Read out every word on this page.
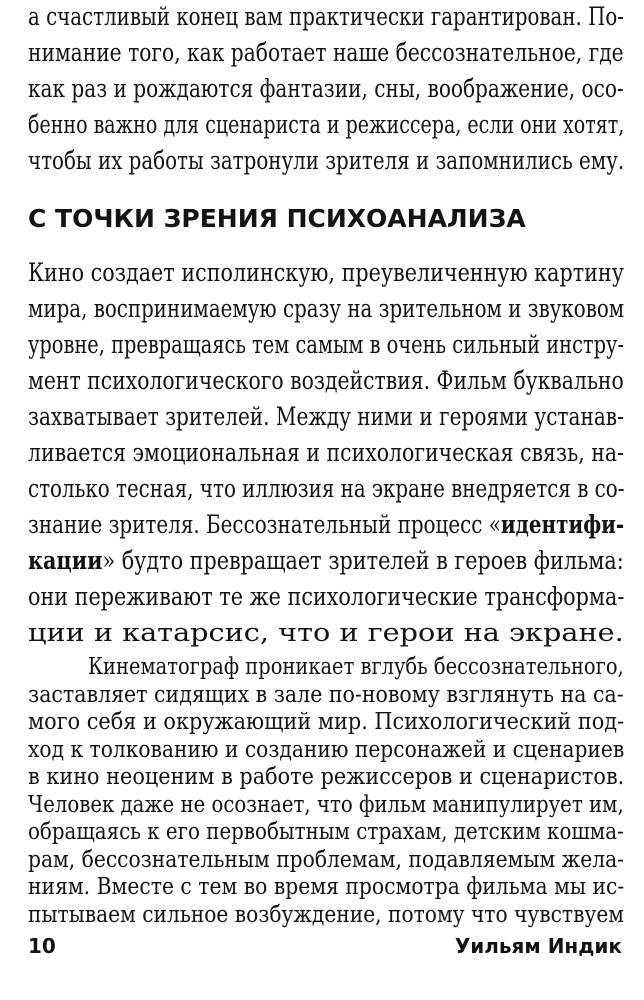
а счастливый конец вам практически гарантирован. По-
нимание того, как работает наше бессознательное, где
как раз и рождаются фантазии, сны, воображение, осо-
бенно важно для сценариста и режиссера, если они хотят,
чтобы их работы затронули зрителя и запомнились ему.
С ТОЧКИ ЗРЕНИЯ ПСИХОАНАЛИЗА
Кино создает исполинскую, преувеличенную картину
мира, воспринимаемую сразу на зрительном и звуковом
уровне, превращаясь тем самым в очень сильный инстру-
мент психологического воздействия. Фильм буквально
захватывает зрителей. Между ними и героями устанав-
ливается эмоциональная и психологическая связь, на-
столько тесная, что иллюзия на экране внедряется в со-
знание зрителя. Бессознательный процесс «идентифи-
кации» будто превращает зрителей в героев фильма:
они переживают те же психологические трансформа-
ции и катарсис, что и герои на экране.
10	Уильям Индик
Кинематограф проникает вглубь бессознательного,
заставляет сидящих в зале по-новому взглянуть на са-
мого себя и окружающий мир. Психологический под-
ход к толкованию и созданию персонажей и сценариев
в кино неоценим в работе режиссеров и сценаристов.
Человек даже не осознает, что фильм манипулирует им,
обращаясь к его первобытным страхам, детским кошма-
рам, бессознательным проблемам, подавляемым жела-
ниям. Вместе с тем во время просмотра фильма мы ис-
пытываем сильное возбуждение, потому что чувствуем
